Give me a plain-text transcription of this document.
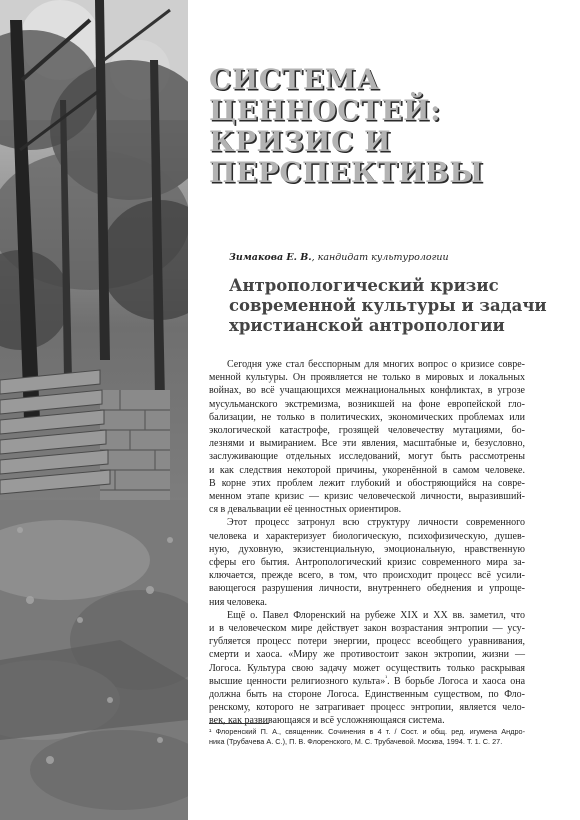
СИСТЕМА ЦЕННОСТЕЙ:
КРИЗИС И
ПЕРСПЕКТИВЫ
Зимакова Е. В., кандидат культурологии
Антропологический кризис
современной культуры и задачи
христианской антропологии

Сегодня уже стал бесспорным для многих вопрос о кризисе совре-
менной культуры. Он проявляется не только в мировых и локальных
войнах, во всё учащающихся межнациональных конфликтах, в угрозе
мусульманского экстремизма, возникшей на фоне европейской гло-
бализации, не только в политических, экономических проблемах или
экологической катастрофе, грозящей человечеству мутациями, бо-
лезнями и вымиранием. Все эти явления, масштабные и, безусловно,
заслуживающие отдельных исследований, могут быть рассмотрены
и как следствия некоторой причины, укоренённой в самом человеке.
В корне этих проблем лежит глубокий и обостряющийся на совре-
менном этапе кризис — кризис человеческой личности, выразивший-
ся в девальвации её ценностных ориентиров.

Этот процесс затронул всю структуру личности современного
человека и характеризует биологическую, психофизическую, душев-
ную, духовную, экзистенциальную, эмоциональную, нравственную
сферы его бытия. Антропологический кризис современного мира за-
ключается, прежде всего, в том, что происходит процесс всё усили-
вающегося разрушения личности, внутреннего обеднения и упроще-
ния человека.

Ещё о. Павел Флоренский на рубеже XIX и XX вв. заметил, что
и в человеческом мире действует закон возрастания энтропии — усу-
губляется процесс потери энергии, процесс всеобщего уравнивания,
смерти и хаоса. «Миру же противостоит закон эктропии, жизни —
Логоса. Культура свою задачу может осуществить только раскрывая
высшие ценности религиозного культа»$^{^1}$. В борьбе Логоса и хаоса она
должна быть на стороне Логоса. Единственным существом, по Фло-
ренскому, которого не затрагивает процесс энтропии, является чело-
век, как развивающаяся и всё усложняющаяся система.

¹ Флоренский П. А., священник. Сочинения в 4 т. / Сост. и общ. ред. игумена Андро-
ника (Трубачева А. С.), П. В. Флоренского, М. С. Трубачевой. Москва, 1994. Т. 1. С. 27.
